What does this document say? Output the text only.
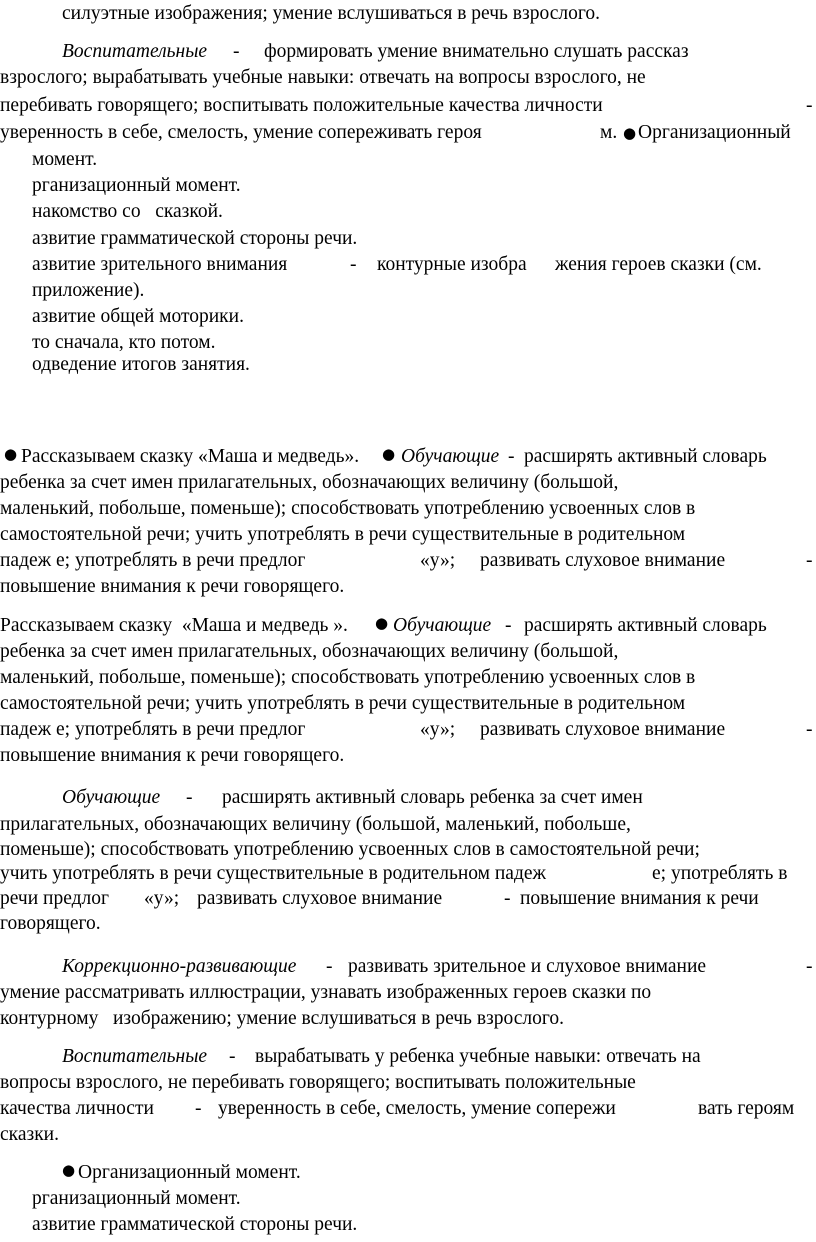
силуэтные изображения; умение вслушиваться в речь взрослого.
Воспитательные - формировать умение внимательно слушать рассказ
взрослого; вырабатывать учебные навыки: отвечать на вопросы взрослого, не
перебивать говорящего; воспитывать положительные качества личности	-
уверенность в себе, смелость, умение сопереживать героя	м. ● Организационный
момент.
рганизационный момент.
накомство со   сказкой.
азвитие грамматической стороны речи.
азвитие зрительного внимания	- контурные изобра жения героев сказки (см.
приложение).
азвитие общей моторики.
то сначала, кто потом.
одведение итогов занятия.
● Рассказываем сказку «Маша и медведь». ● Обучающие - расширять активный словарь
ребенка за счет имен прилагательных, обозначающих величину (большой,
маленький, побольше, поменьше); способствовать употреблению усвоенных слов в
самостоятельной речи; учить употреблять в речи существительные в родительном
падеж е; употреблять в речи предлог	«у»; развивать слуховое внимание	-
повышение внимания к речи говорящего.
Рассказываем сказку  «Маша и медведь ». ● Обучающие - расширять активный словарь
ребенка за счет имен прилагательных, обозначающих величину (большой,
маленький, побольше, поменьше); способствовать употреблению усвоенных слов в
самостоятельной речи; учить употреблять в речи существительные в родительном
падеж е; употреблять в речи предлог	«у»; развивать слуховое внимание	-
повышение внимания к речи говорящего.
Обучающие - расширять активный словарь ребенка за счет имен
прилагательных, обозначающих величину (большой, маленький, побольше,
поменьше); способствовать употреблению усвоенных слов в самостоятельной речи;
учить употреблять в речи существительные в родительном падеж	е; употреблять в
речи предлог «у»; развивать слуховое внимание	- повышение внимания к речи
говорящего.
Коррекционно-развивающие - развивать зрительное и слуховое внимание	-
умение рассматривать иллюстрации, узнавать изображенных героев сказки по
контурному   изображению; умение вслушиваться в речь взрослого.
Воспитательные - вырабатывать у ребенка учебные навыки: отвечать на
вопросы взрослого, не перебивать говорящего; воспитывать положительные
качества личности - уверенность в себе, смелость, умение сопережи	вать героям
сказки.
● Организационный момент.
рганизационный момент.
азвитие грамматической стороны речи.
